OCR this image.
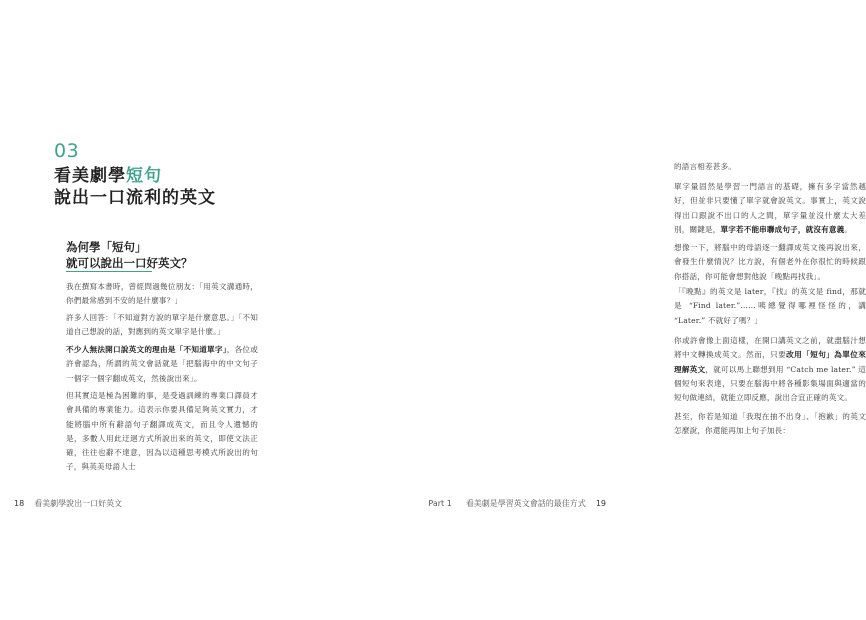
03
看美劇學短句
說出一口流利的英文
為何學「短句」
就可以說出一口好英文？

我在撰寫本書時，曾經問過幾位朋友：「用英文溝通時，你們最常感到不安的是什麼事？」

許多人回答：「不知道對方說的單字是什麼意思。」「不知道自己想說的話，對應到的英文單字是什麼。」

不少人無法開口說英文的理由是「不知道單字」，各位或許會認為，所謂的英文會話就是「把腦海中的中文句子一個字一個字翻成英文，然後說出來」。

但其實這是極為困難的事，是受過訓練的專業口譯員才會具備的專業能力。這表示你要具備足夠英文實力，才能將腦中所有辭語句子翻譯成英文，而且令人遺憾的是，多數人用此迂迴方式所說出來的英文，即使文法正確，往往也辭不達意，因為以這種思考模式所說出的句子，與英美母語人士

18 看美劇學說出一口好英文

的語言相差甚多。

單字量固然是學習一門語言的基礎，擁有多字當然越好，但並非只要懂了單字就會說英文。事實上，英文說得出口跟說不出口的人之間，單字量並沒什麼太大差別，關鍵是，單字若不能串聯成句子，就沒有意義。

想像一下，將腦中的母語逐一翻譯成英文後再說出來，會發生什麼情況？比方說，有個老外在你很忙的時候跟你搭話，你可能會想對他說「晚點再找我」。

「『晚點』的英文是 later，『找』的英文是 find，那就是 “Find later.”……咦總覺得哪裡怪怪的，講 “Later.” 不就好了嗎？」

你或許會像上面這樣，在開口講英文之前，就盡腦汁想將中文轉換成英文。然而，只要改用「短句」為單位來理解英文，就可以馬上聯想到用 “Catch me later.” 這個短句來表達，只要在腦海中將各種影集場面與適當的短句做連結，就能立即反應，說出合宜正確的英文。

甚至，你若是知道「我現在抽不出身」、「抱歉」的英文怎麼說，你還能再加上句子加長：

Part 1 看美劇是學習英文會話的最佳方式 19
